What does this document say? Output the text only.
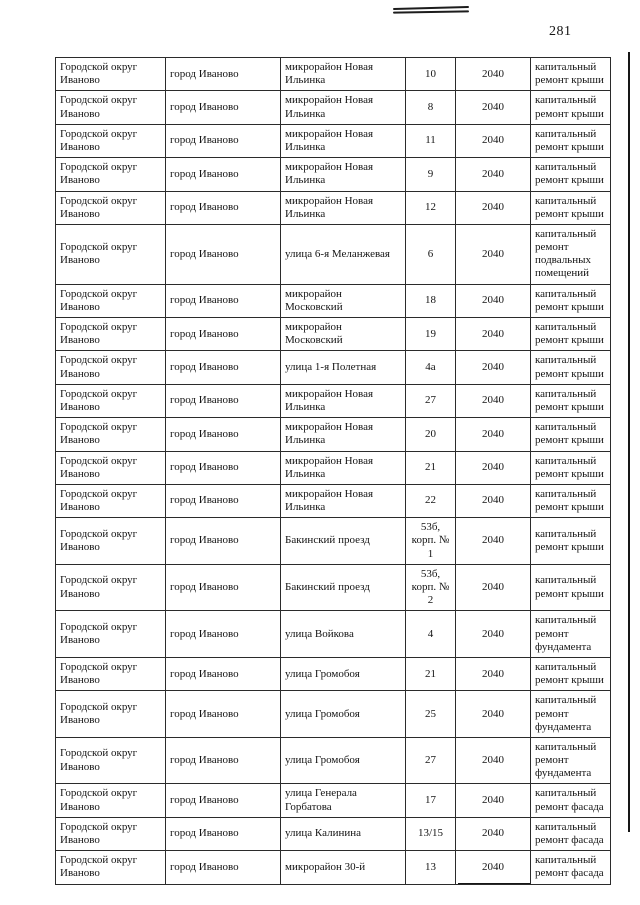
281
Городской округ Иваново	город Иваново	микрорайон Новая Ильинка	10	2040	капитальный ремонт крыши
Городской округ Иваново	город Иваново	микрорайон Новая Ильинка	8	2040	капитальный ремонт крыши
Городской округ Иваново	город Иваново	микрорайон Новая Ильинка	11	2040	капитальный ремонт крыши
Городской округ Иваново	город Иваново	микрорайон Новая Ильинка	9	2040	капитальный ремонт крыши
Городской округ Иваново	город Иваново	микрорайон Новая Ильинка	12	2040	капитальный ремонт крыши
Городской округ Иваново	город Иваново	улица 6-я Меланжевая	6	2040	капитальный ремонт подвальных помещений
Городской округ Иваново	город Иваново	микрорайон Московский	18	2040	капитальный ремонт крыши
Городской округ Иваново	город Иваново	микрорайон Московский	19	2040	капитальный ремонт крыши
Городской округ Иваново	город Иваново	улица 1-я Полетная	4а	2040	капитальный ремонт крыши
Городской округ Иваново	город Иваново	микрорайон Новая Ильинка	27	2040	капитальный ремонт крыши
Городской округ Иваново	город Иваново	микрорайон Новая Ильинка	20	2040	капитальный ремонт крыши
Городской округ Иваново	город Иваново	микрорайон Новая Ильинка	21	2040	капитальный ремонт крыши
Городской округ Иваново	город Иваново	микрорайон Новая Ильинка	22	2040	капитальный ремонт крыши
Городской округ Иваново	город Иваново	Бакинский проезд	53б, корп. № 1	2040	капитальный ремонт крыши
Городской округ Иваново	город Иваново	Бакинский проезд	53б, корп. № 2	2040	капитальный ремонт крыши
Городской округ Иваново	город Иваново	улица Войкова	4	2040	капитальный ремонт фундамента
Городской округ Иваново	город Иваново	улица Громобоя	21	2040	капитальный ремонт крыши
Городской округ Иваново	город Иваново	улица Громобоя	25	2040	капитальный ремонт фундамента
Городской округ Иваново	город Иваново	улица Громобоя	27	2040	капитальный ремонт фундамента
Городской округ Иваново	город Иваново	улица Генерала Горбатова	17	2040	капитальный ремонт фасада
Городской округ Иваново	город Иваново	улица Калинина	13/15	2040	капитальный ремонт фасада
Городской округ Иваново	город Иваново	микрорайон 30-й	13	2040	капитальный ремонт фасада
